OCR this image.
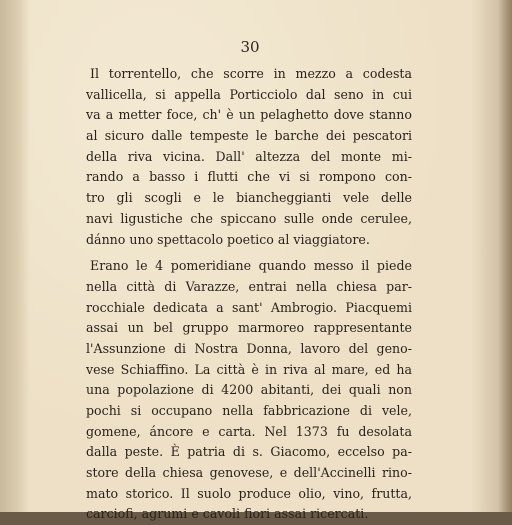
30
Il torrentello, che scorre in mezzo a codesta
vallicella, si appella Porticciolo dal seno in cui
va a metter foce, ch' è un pelaghetto dove stanno
al sicuro dalle tempeste le barche dei pescatori
della riva vicina. Dall' altezza del monte mi-
rando a basso i flutti che vi si rompono con-
tro gli scogli e le biancheggianti vele delle
navi ligustiche che spiccano sulle onde cerulee,
dánno uno spettacolo poetico al viaggiatore.
Erano le 4 pomeridiane quando messo il piede
nella città di Varazze, entrai nella chiesa par-
rocchiale dedicata a sant' Ambrogio. Piacquemi
assai un bel gruppo marmoreo rappresentante
l'Assunzione di Nostra Donna, lavoro del geno-
vese Schiaffino. La città è in riva al mare, ed ha
una popolazione di 4200 abitanti, dei quali non
pochi si occupano nella fabbricazione di vele,
gomene, áncore e carta. Nel 1373 fu desolata
dalla peste. È patria di s. Giacomo, eccelso pa-
store della chiesa genovese, e dell'Accinelli rino-
mato storico. Il suolo produce olio, vino, frutta,
carciofi, agrumi e cavoli fiori assai ricercati.
